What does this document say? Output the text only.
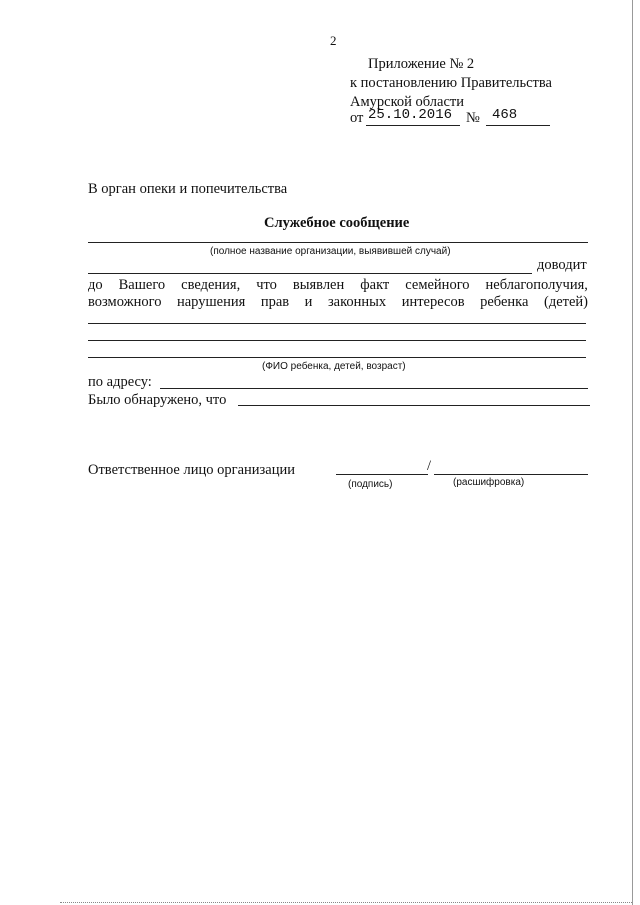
2
Приложение № 2
к постановлению Правительства
Амурской области
от 25.10.2016 № 468
В орган опеки и попечительства
Служебное сообщение
(полное название организации, выявившей случай)
доводит
до Вашего сведения, что выявлен факт семейного неблагополучия,
возможного нарушения прав и законных интересов ребенка (детей)
(ФИО ребенка, детей, возраст)
по адресу:
Было обнаружено, что
Ответственное лицо организации	/
(подпись)	(расшифровка)
